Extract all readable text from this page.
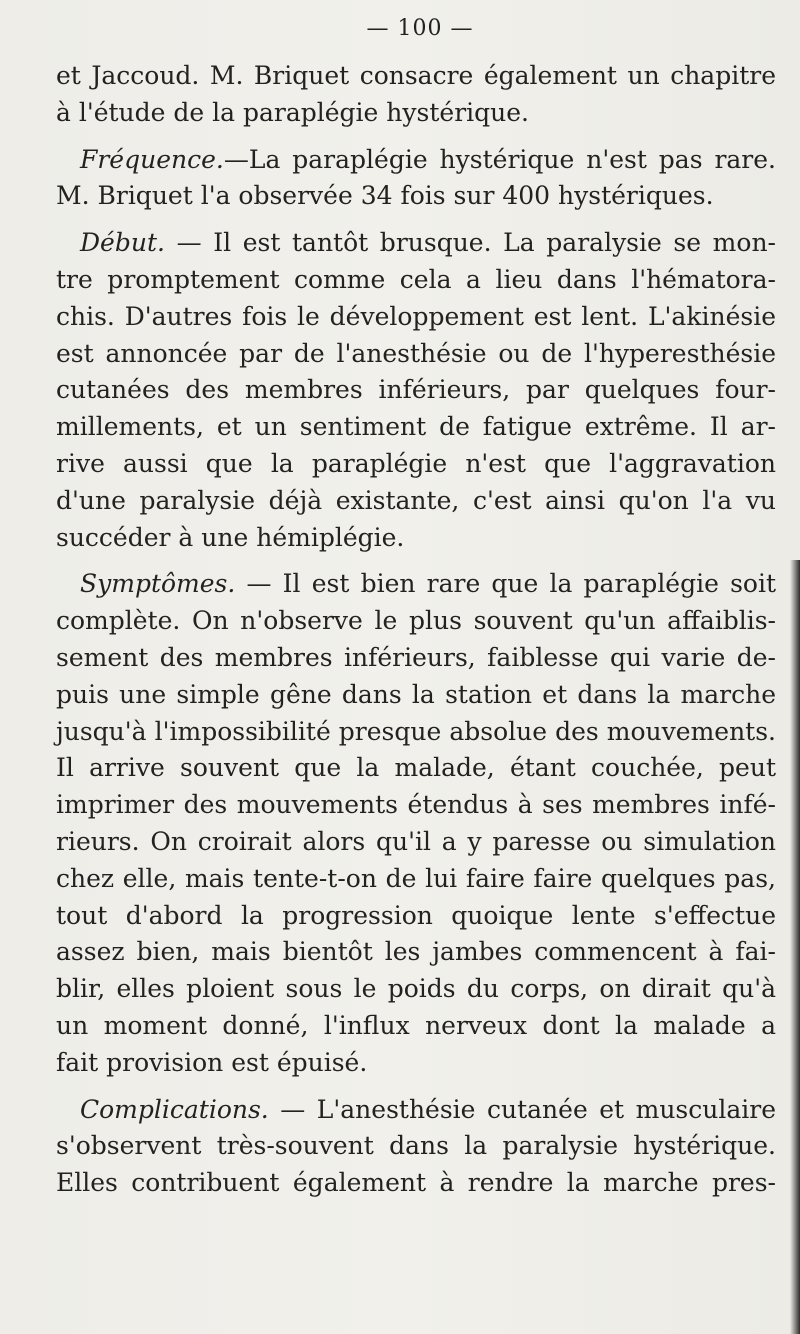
— 100 —
et Jaccoud. M. Briquet consacre également un chapitre
à l'étude de la paraplégie hystérique.
Fréquence.—La paraplégie hystérique n'est pas rare.
M. Briquet l'a observée 34 fois sur 400 hystériques.
Début. — Il est tantôt brusque. La paralysie se mon-
tre promptement comme cela a lieu dans l'hématora-
chis. D'autres fois le développement est lent. L'akinésie
est annoncée par de l'anesthésie ou de l'hyperesthésie
cutanées des membres inférieurs, par quelques four-
millements, et un sentiment de fatigue extrême. Il ar-
rive aussi que la paraplégie n'est que l'aggravation
d'une paralysie déjà existante, c'est ainsi qu'on l'a vu
succéder à une hémiplégie.
Symptômes. — Il est bien rare que la paraplégie soit
complète. On n'observe le plus souvent qu'un affaiblis-
sement des membres inférieurs, faiblesse qui varie de-
puis une simple gêne dans la station et dans la marche
jusqu'à l'impossibilité presque absolue des mouvements.
Il arrive souvent que la malade, étant couchée, peut
imprimer des mouvements étendus à ses membres infé-
rieurs. On croirait alors qu'il a y paresse ou simulation
chez elle, mais tente-t-on de lui faire faire quelques pas,
tout d'abord la progression quoique lente s'effectue
assez bien, mais bientôt les jambes commencent à fai-
blir, elles ploient sous le poids du corps, on dirait qu'à
un moment donné, l'influx nerveux dont la malade a
fait provision est épuisé.
Complications. — L'anesthésie cutanée et musculaire
s'observent très-souvent dans la paralysie hystérique.
Elles contribuent également à rendre la marche pres-
